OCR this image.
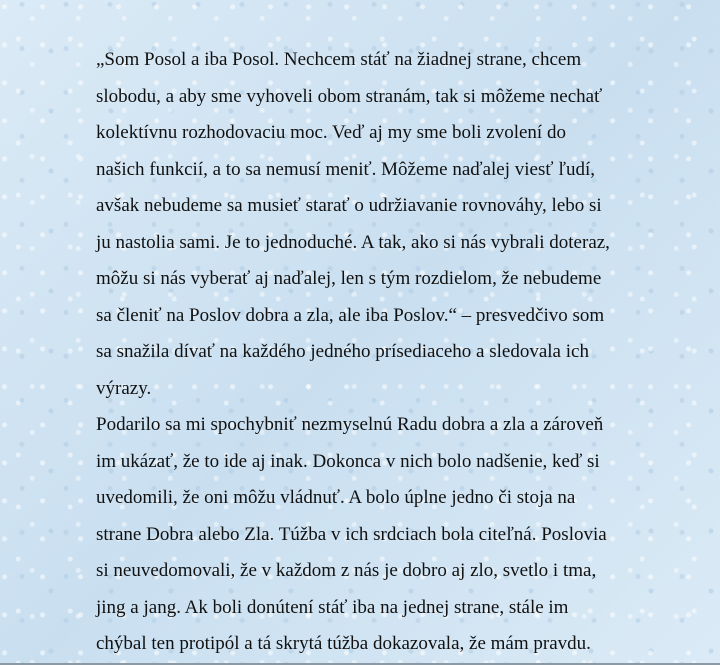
„Som Posol a iba Posol. Nechcem stáť na žiadnej strane, chcem
slobodu, a aby sme vyhoveli obom stranám, tak si môžeme nechať
kolektívnu rozhodovaciu moc. Veď aj my sme boli zvolení do
našich funkcií, a to sa nemusí meniť. Môžeme naďalej viesť ľudí,
avšak nebudeme sa musieť starať o udržiavanie rovnováhy, lebo si
ju nastolia sami. Je to jednoduché. A tak, ako si nás vybrali doteraz,
môžu si nás vyberať aj naďalej, len s tým rozdielom, že nebudeme
sa členiť na Poslov dobra a zla, ale iba Poslov.“ – presvedčivo som
sa snažila dívať na každého jedného prísediaceho a sledovala ich
výrazy.
Podarilo sa mi spochybniť nezmyselnú Radu dobra a zla a zároveň
im ukázať, že to ide aj inak. Dokonca v nich bolo nadšenie, keď si
uvedomili, že oni môžu vládnuť. A bolo úplne jedno či stoja na
strane Dobra alebo Zla. Túžba v ich srdciach bola citeľná. Poslovia
si neuvedomovali, že v každom z nás je dobro aj zlo, svetlo i tma,
jing a jang. Ak boli donútení stáť iba na jednej strane, stále im
chýbal ten protipól a tá skrytá túžba dokazovala, že mám pravdu.
